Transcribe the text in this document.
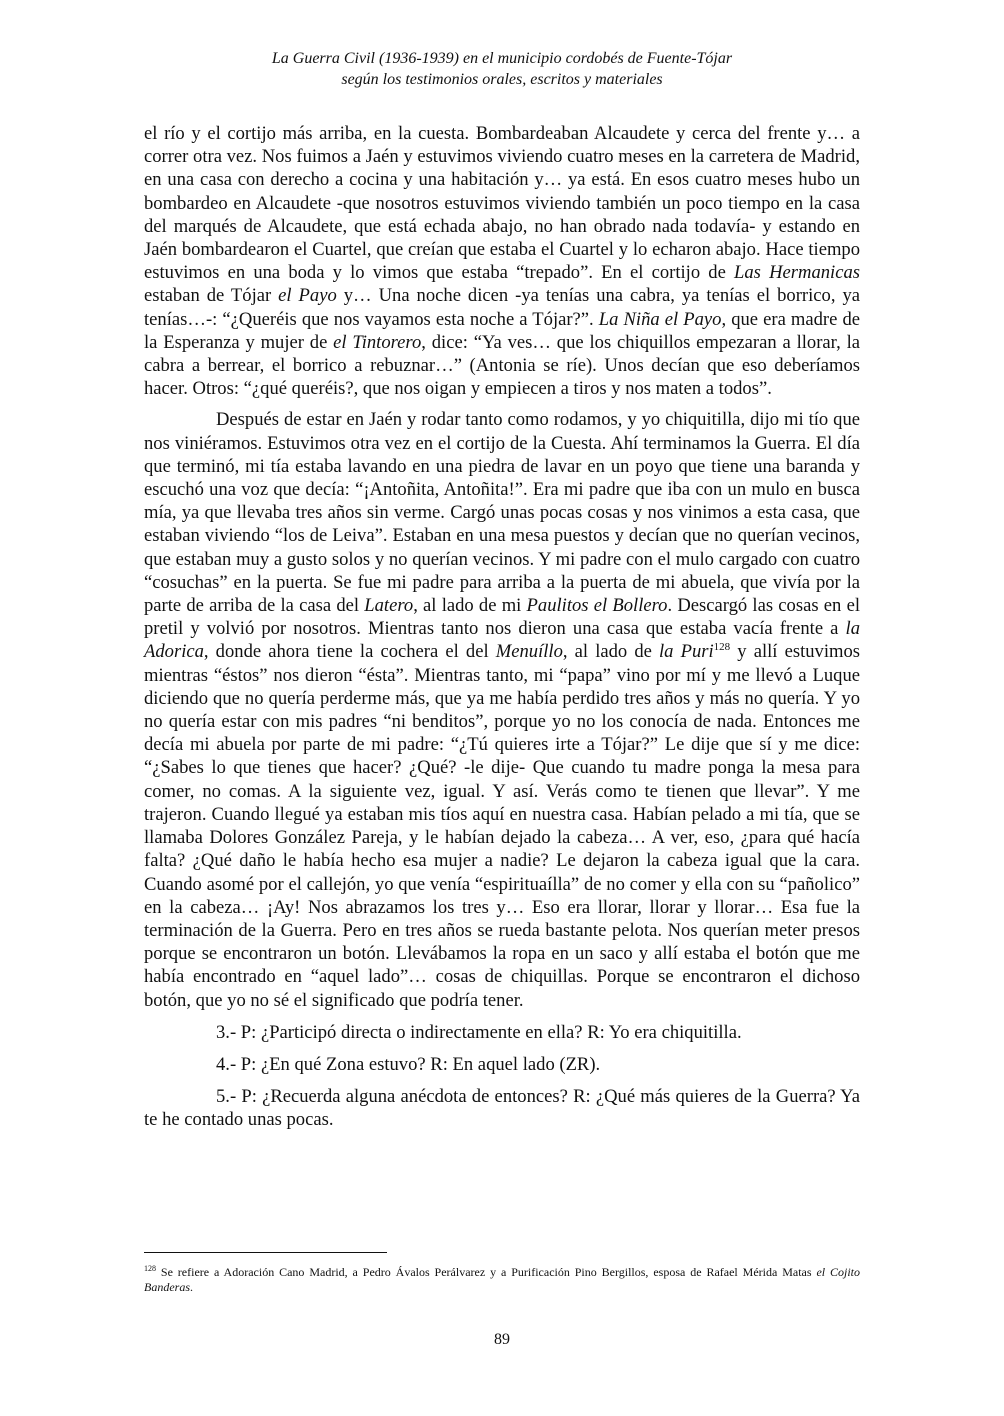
La Guerra Civil (1936-1939) en el municipio cordobés de Fuente-Tójar
según los testimonios orales, escritos y materiales

el río y el cortijo más arriba, en la cuesta. Bombardeaban Alcaudete y cerca del frente y… a correr otra vez. Nos fuimos a Jaén y estuvimos viviendo cuatro meses en la carretera de Madrid, en una casa con derecho a cocina y una habitación y… ya está. En esos cuatro meses hubo un bombardeo en Alcaudete -que nosotros estuvimos viviendo también un poco tiempo en la casa del marqués de Alcaudete, que está echada abajo, no han obrado nada todavía- y estando en Jaén bombardearon el Cuartel, que creían que estaba el Cuartel y lo echaron abajo. Hace tiempo estuvimos en una boda y lo vimos que estaba “trepado”. En el cortijo de Las Hermanicas estaban de Tójar el Payo y… Una noche dicen -ya tenías una cabra, ya tenías el borrico, ya tenías…-: “¿Queréis que nos vayamos esta noche a Tójar?”. La Niña el Payo, que era madre de la Esperanza y mujer de el Tintorero, dice: “Ya ves… que los chiquillos empezaran a llorar, la cabra a berrear, el borrico a rebuznar…” (Antonia se ríe). Unos decían que eso deberíamos hacer. Otros: “¿qué queréis?, que nos oigan y empiecen a tiros y nos maten a todos”.

Después de estar en Jaén y rodar tanto como rodamos, y yo chiquitilla, dijo mi tío que nos viniéramos. Estuvimos otra vez en el cortijo de la Cuesta. Ahí terminamos la Guerra. El día que terminó, mi tía estaba lavando en una piedra de lavar en un poyo que tiene una baranda y escuchó una voz que decía: “¡Antoñita, Antoñita!”. Era mi padre que iba con un mulo en busca mía, ya que llevaba tres años sin verme. Cargó unas pocas cosas y nos vinimos a esta casa, que estaban viviendo “los de Leiva”. Estaban en una mesa puestos y decían que no querían vecinos, que estaban muy a gusto solos y no querían vecinos. Y mi padre con el mulo cargado con cuatro “cosuchas” en la puerta. Se fue mi padre para arriba a la puerta de mi abuela, que vivía por la parte de arriba de la casa del Latero, al lado de mi Paulitos el Bollero. Descargó las cosas en el pretil y volvió por nosotros. Mientras tanto nos dieron una casa que estaba vacía frente a la Adorica, donde ahora tiene la cochera el del Menuíllo, al lado de la Puri$^{128}$ y allí estuvimos mientras “éstos” nos dieron “ésta”. Mientras tanto, mi “papa” vino por mí y me llevó a Luque diciendo que no quería perderme más, que ya me había perdido tres años y más no quería. Y yo no quería estar con mis padres “ni benditos”, porque yo no los conocía de nada. Entonces me decía mi abuela por parte de mi padre: “¿Tú quieres irte a Tójar?” Le dije que sí y me dice: “¿Sabes lo que tienes que hacer? ¿Qué? -le dije- Que cuando tu madre ponga la mesa para comer, no comas. A la siguiente vez, igual. Y así. Verás como te tienen que llevar”. Y me trajeron. Cuando llegué ya estaban mis tíos aquí en nuestra casa. Habían pelado a mi tía, que se llamaba Dolores González Pareja, y le habían dejado la cabeza… A ver, eso, ¿para qué hacía falta? ¿Qué daño le había hecho esa mujer a nadie? Le dejaron la cabeza igual que la cara. Cuando asomé por el callejón, yo que venía “espirituaílla” de no comer y ella con su “pañolico” en la cabeza… ¡Ay! Nos abrazamos los tres y… Eso era llorar, llorar y llorar… Esa fue la terminación de la Guerra. Pero en tres años se rueda bastante pelota. Nos querían meter presos porque se encontraron un botón. Llevábamos la ropa en un saco y allí estaba el botón que me había encontrado en “aquel lado”… cosas de chiquillas. Porque se encontraron el dichoso botón, que yo no sé el significado que podría tener.

3.- P: ¿Participó directa o indirectamente en ella? R: Yo era chiquitilla.

4.- P: ¿En qué Zona estuvo? R: En aquel lado (ZR).

5.- P: ¿Recuerda alguna anécdota de entonces? R: ¿Qué más quieres de la Guerra? Ya te he contado unas pocas.

$^{128}$ Se refiere a Adoración Cano Madrid, a Pedro Ávalos Perálvarez y a Purificación Pino Bergillos, esposa de Rafael Mérida Matas el Cojito Banderas.
89
